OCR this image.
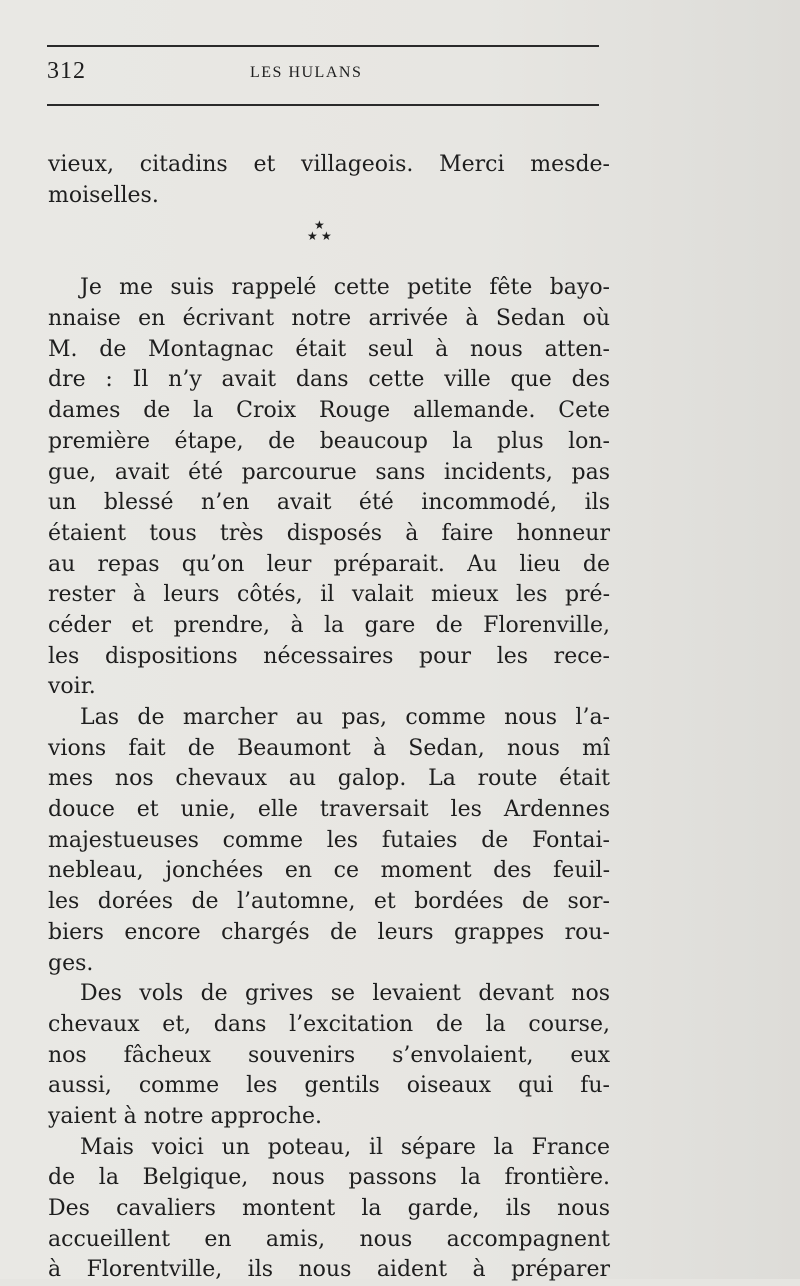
312	LES HULANS
vieux, citadins et villageois. Merci mesde-
moiselles.
★
★ ★
Je me suis rappelé cette petite fête bayo-
nnaise en écrivant notre arrivée à Sedan où
M. de Montagnac était seul à nous atten-
dre : Il n’y avait dans cette ville que des
dames de la Croix Rouge allemande. Cete
première étape, de beaucoup la plus lon-
gue, avait été parcourue sans incidents, pas
un blessé n’en avait été incommodé, ils
étaient tous très disposés à faire honneur
au repas qu’on leur préparait. Au lieu de
rester à leurs côtés, il valait mieux les pré-
céder et prendre, à la gare de Florenville,
les dispositions nécessaires pour les rece-
voir.
Las de marcher au pas, comme nous l’a-
vions fait de Beaumont à Sedan, nous mî
mes nos chevaux au galop. La route était
douce et unie, elle traversait les Ardennes
majestueuses comme les futaies de Fontai-
nebleau, jonchées en ce moment des feuil-
les dorées de l’automne, et bordées de sor-
biers encore chargés de leurs grappes rou-
ges.
Des vols de grives se levaient devant nos
chevaux et, dans l’excitation de la course,
nos fâcheux souvenirs s’envolaient, eux
aussi, comme les gentils oiseaux qui fu-
yaient à notre approche.
Mais voici un poteau, il sépare la France
de la Belgique, nous passons la frontière.
Des cavaliers montent la garde, ils nous
accueillent en amis, nous accompagnent
à Florentville, ils nous aident à préparer
